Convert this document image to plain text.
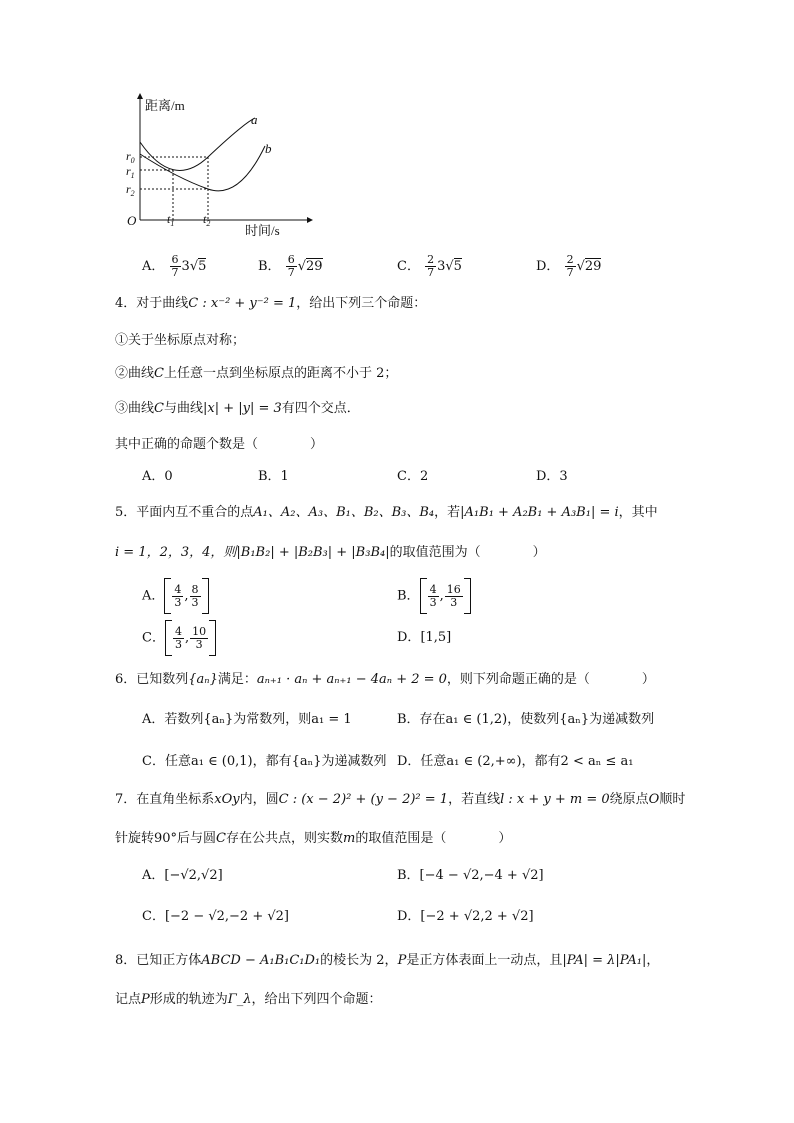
距离/m
时间/s
O
a
b
$r_0$
$r_1$
$r_2$
$t_1$ $t_2$
A． $\frac{6}{7} 3√5$	B． $\frac{6}{7} √29$	C． $\frac{2}{7} 3√5$	D． $\frac{2}{7} √29$
4．对于曲线C : x⁻² + y⁻² = 1，给出下列三个命题：
①关于坐标原点对称；
②曲线C上任意一点到坐标原点的距离不小于 2；
③曲线C与曲线|x| + |y| = 3有四个交点．
其中正确的命题个数是（　　　　）
A．0	B．1	C．2	D．3
5．平面内互不重合的点A₁、A₂、A₃、B₁、B₂、B₃、B₄，若|A₁B₁ + A₂B₁ + A₃B₁| = i，其中
i = 1，2，3，4，则|B₁B₂| + |B₂B₃| + |B₃B₄|的取值范围为（　　　　）
A． $\frac{4}{3}$ , $\frac{8}{3}$	B． $\frac{4}{3}$ , $\frac{16}{3}$
C． $\frac{4}{3}$ , $\frac{10}{3}$	D．[1,5]
6．已知数列{aₙ}满足：aₙ₊₁ · aₙ + aₙ₊₁ − 4aₙ + 2 = 0，则下列命题正确的是（　　　　）
A．若数列{aₙ}为常数列，则a₁ = 1	B．存在a₁ ∈ (1,2)，使数列{aₙ}为递减数列
C．任意a₁ ∈ (0,1)，都有{aₙ}为递减数列 D．任意a₁ ∈ (2,+∞)，都有2 < aₙ ≤ a₁
7．在直角坐标系xOy内，圆C : (x − 2)² + (y − 2)² = 1，若直线l : x + y + m = 0绕原点O顺时
针旋转90°后与圆C存在公共点，则实数m的取值范围是（　　　　）
A．[−√2,√2]	B．[−4 − √2,−4 + √2]
C．[−2 − √2,−2 + √2]	D．[−2 + √2,2 + √2]
8．已知正方体ABCD − A₁B₁C₁D₁的棱长为 2，P是正方体表面上一动点，且|PA| = λ|PA₁|，
记点P形成的轨迹为Γ_λ，给出下列四个命题：
